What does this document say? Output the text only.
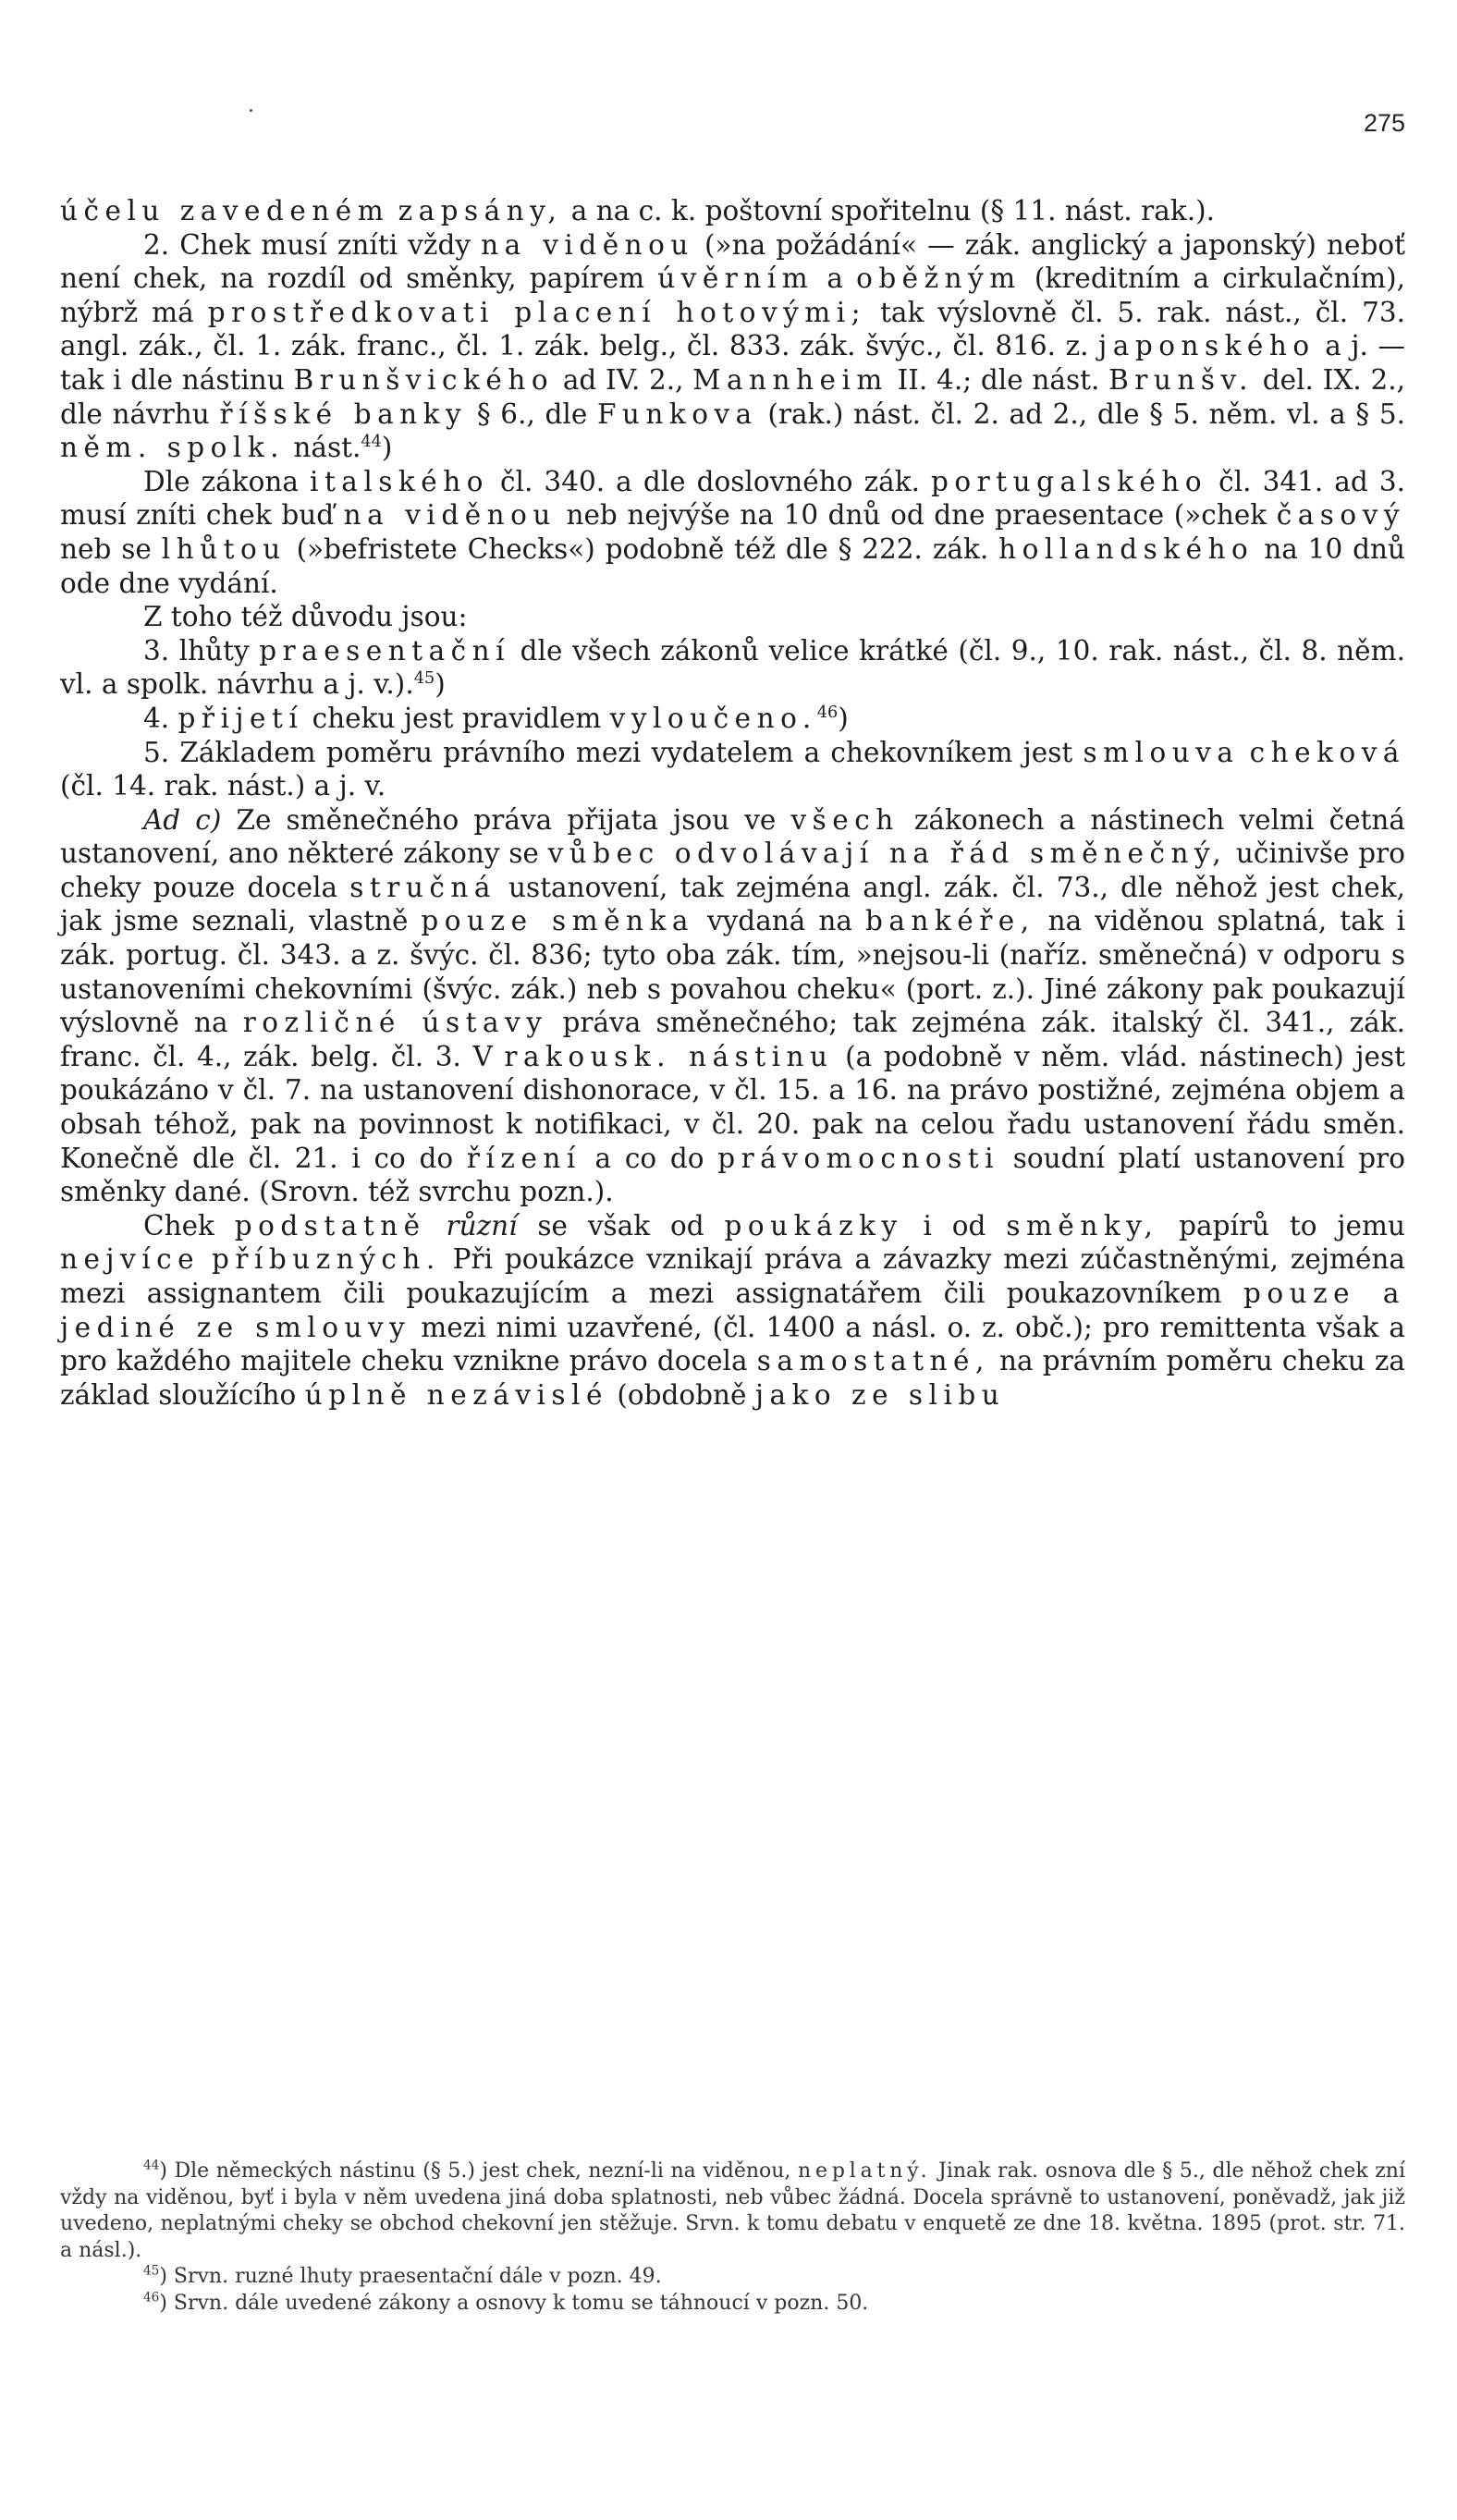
275

účelu zavedeném zapsány, a na c. k. poštovní spořitelnu (§ 11. nást. rak.).

2. Chek musí zníti vždy na viděnou (»na požádání« — zák. anglický a japonský) neboť není chek, na rozdíl od směnky, papírem úvěrním a oběžným (kreditním a cirkulačním), nýbrž má prostředkovati placení hotovými; tak výslovně čl. 5. rak. nást., čl. 73. angl. zák., čl. 1. zák. franc., čl. 1. zák. belg., čl. 833. zák. švýc., čl. 816. z. japonského a j. — tak i dle nástinu Brunšvického ad IV. 2., Mannheim II. 4.; dle nást. Brunšv. del. IX. 2., dle návrhu říšské banky § 6., dle Funkova (rak.) nást. čl. 2. ad 2., dle § 5. něm. vl. a § 5. něm. spolk. nást.$^{44}$)

Dle zákona italského čl. 340. a dle doslovného zák. portugalského čl. 341. ad 3. musí zníti chek buď na viděnou neb nejvýše na 10 dnů od dne praesentace (»chek časový neb se lhůtou (»befristete Checks«) podobně též dle § 222. zák. hollandského na 10 dnů ode dne vydání.

Z toho též důvodu jsou:

3. lhůty praesentační dle všech zákonů velice krátké (čl. 9., 10. rak. nást., čl. 8. něm. vl. a spolk. návrhu a j. v.).$^{45}$)

4. přijetí cheku jest pravidlem vyloučeno.$^{46}$)

5. Základem poměru právního mezi vydatelem a chekovníkem jest smlouva cheková (čl. 14. rak. nást.) a j. v.

Ad c) Ze směnečného práva přijata jsou ve všech zákonech a nástinech velmi četná ustanovení, ano některé zákony se vůbec odvolávají na řád směnečný, učinivše pro cheky pouze docela stručná ustanovení, tak zejména angl. zák. čl. 73., dle něhož jest chek, jak jsme seznali, vlastně pouze směnka vydaná na bankéře, na viděnou splatná, tak i zák. portug. čl. 343. a z. švýc. čl. 836; tyto oba zák. tím, »nejsou-li (naříz. směnečná) v odporu s ustanoveními chekovními (švýc. zák.) neb s povahou cheku« (port. z.). Jiné zákony pak poukazují výslovně na rozličné ústavy práva směnečného; tak zejména zák. italský čl. 341., zák. franc. čl. 4., zák. belg. čl. 3. V rakousk. nástinu (a podobně v něm. vlád. nástinech) jest poukázáno v čl. 7. na ustanovení dishonorace, v čl. 15. a 16. na právo postižné, zejména objem a obsah téhož, pak na povinnost k notifikaci, v čl. 20. pak na celou řadu ustanovení řádu směn. Konečně dle čl. 21. i co do řízení a co do právomocnosti soudní platí ustanovení pro směnky dané. (Srovn. též svrchu pozn.).

Chek podstatně různí se však od poukázky i od směnky, papírů to jemu nejvíce příbuzných. Při poukázce vznikají práva a závazky mezi zúčastněnými, zejména mezi assignantem čili poukazujícím a mezi assignatářem čili poukazovníkem pouze a jediné ze smlouvy mezi nimi uzavřené, (čl. 1400 a násl. o. z. obč.); pro remittenta však a pro každého majitele cheku vznikne právo docela samostatné, na právním poměru cheku za základ sloužícího úplně nezávislé (obdobně jako ze slibu

$^{44}$) Dle německých nástinu (§ 5.) jest chek, nezní-li na viděnou, neplatný. Jinak rak. osnova dle § 5., dle něhož chek zní vždy na viděnou, byť i byla v něm uvedena jiná doba splatnosti, neb vůbec žádná. Docela správně to ustanovení, poněvadž, jak již uvedeno, neplatnými cheky se obchod chekovní jen stěžuje. Srvn. k tomu debatu v enquetě ze dne 18. května. 1895 (prot. str. 71. a násl.).

$^{45}$) Srvn. ruzné lhuty praesentační dále v pozn. 49.

$^{46}$) Srvn. dále uvedené zákony a osnovy k tomu se táhnoucí v pozn. 50.
